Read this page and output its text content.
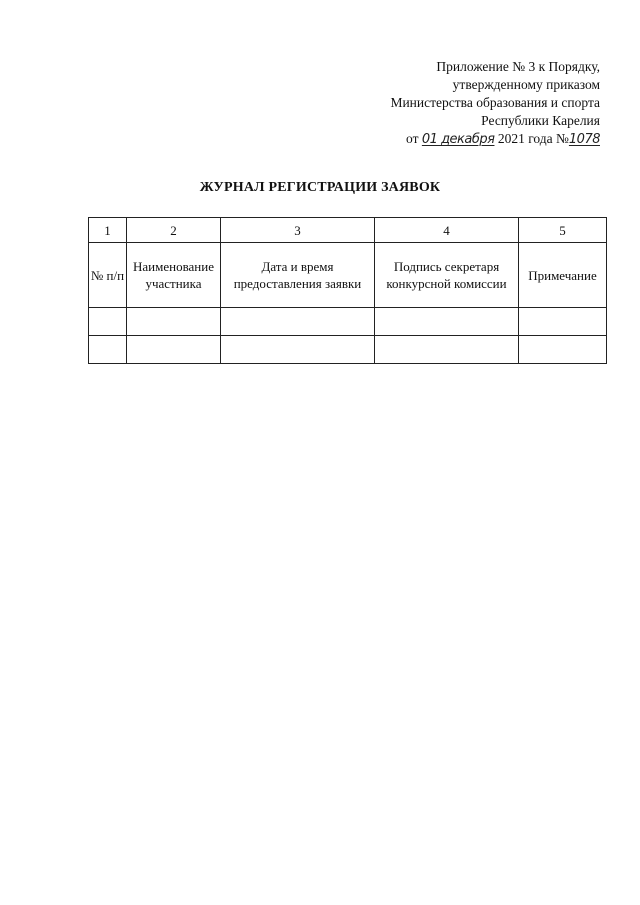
Приложение № 3 к Порядку,
утвержденному приказом
Министерства образования и спорта
Республики Карелия
от 01 декабря 2021 года №1078
ЖУРНАЛ РЕГИСТРАЦИИ ЗАЯВОК
1	2	3	4	5
№ п/п	Наименование участника	Дата и время предоставления заявки	Подпись секретаря конкурсной комиссии	Примечание
